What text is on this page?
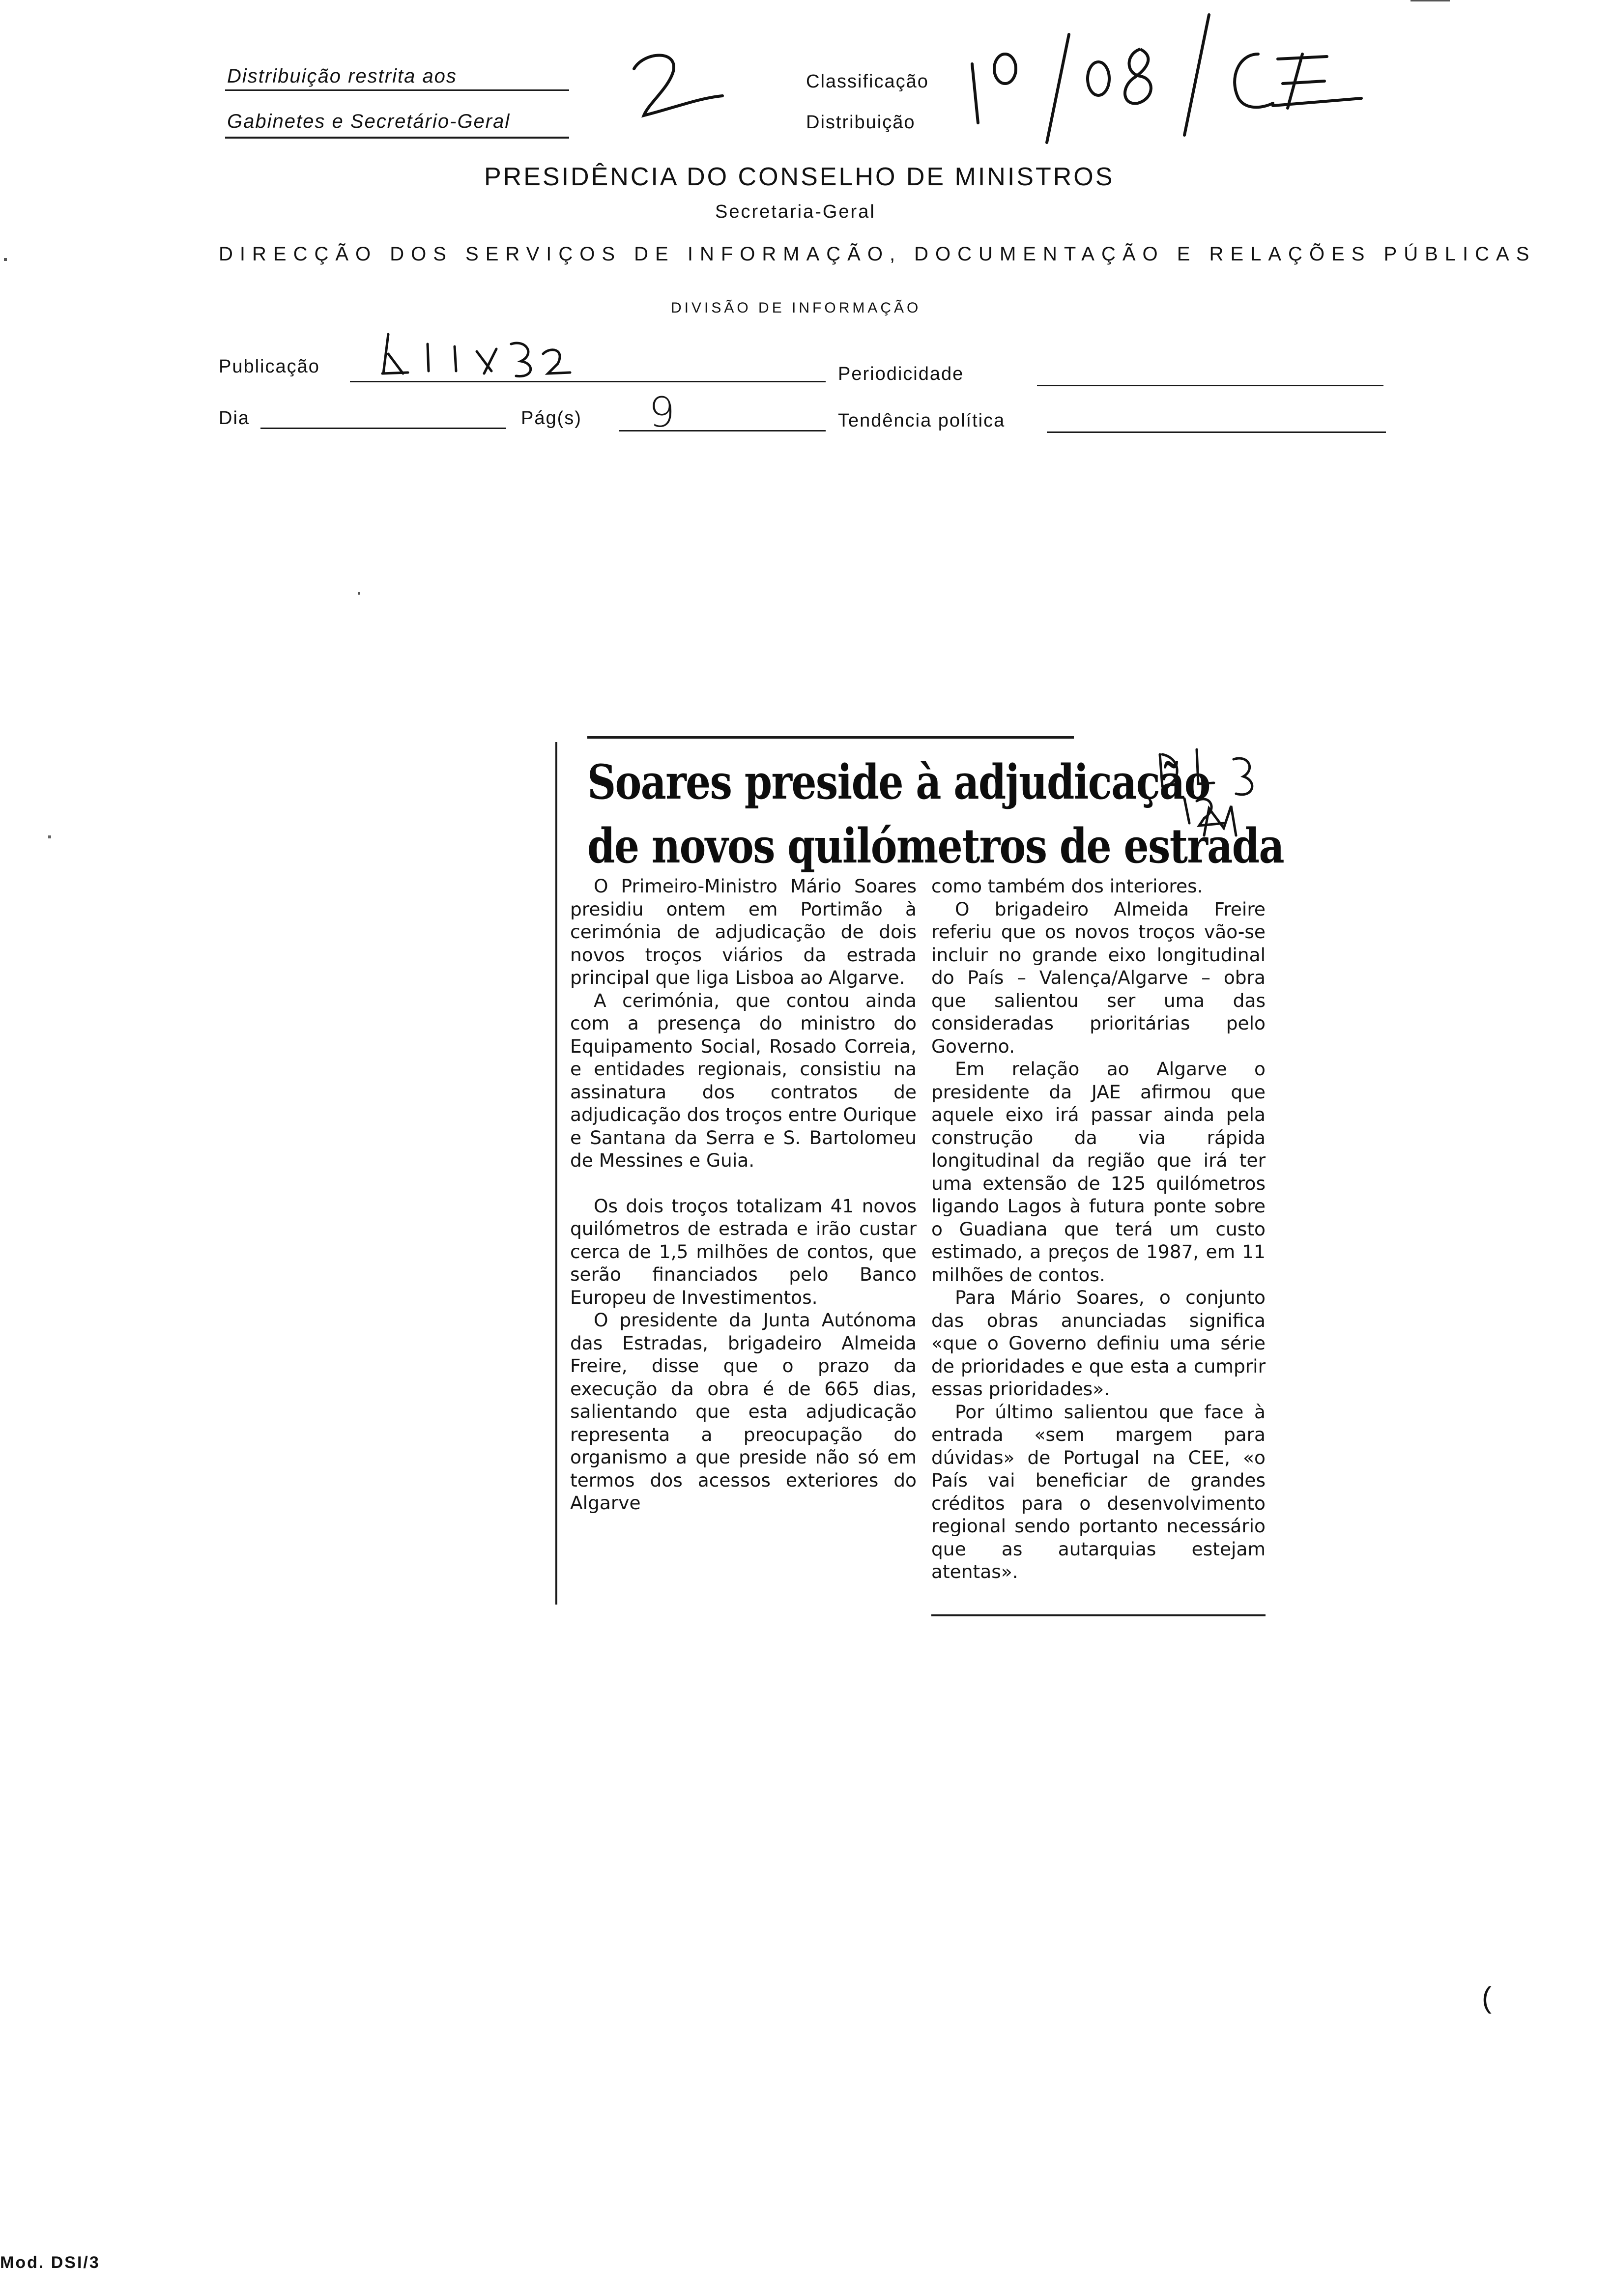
Distribuição restrita aos
Gabinetes e Secretário-Geral
Classificação
Distribuição
PRESIDÊNCIA DO CONSELHO DE MINISTROS
Secretaria-Geral
DIRECÇÃO DOS SERVIÇOS DE INFORMAÇÃO, DOCUMENTAÇÃO E RELAÇÕES PÚBLICAS
DIVISÃO DE INFORMAÇÃO
Publicação	Periodicidade
Dia	Pág(s) 9	Tendência política
Soares preside à adjudicação
de novos quilómetros de estrada

O Primeiro-Ministro Mário Soares presidiu ontem em Portimão à cerimónia de adjudicação de dois novos troços viários da estrada principal que liga Lisboa ao Algarve.

A cerimónia, que contou ainda com a presença do ministro do Equipamento Social, Rosado Correia, e entidades regionais, consistiu na assinatura dos contratos de adjudicação dos troços entre Ourique e Santana da Serra e S. Bartolomeu de Messines e Guia.

Os dois troços totalizam 41 novos quilómetros de estrada e irão custar cerca de 1,5 milhões de contos, que serão financiados pelo Banco Europeu de Investimentos.

O presidente da Junta Autónoma das Estradas, brigadeiro Almeida Freire, disse que o prazo da execução da obra é de 665 dias, salientando que esta adjudicação representa a preocupação do organismo a que preside não só em termos dos acessos exteriores do Algarve

como também dos interiores.

O brigadeiro Almeida Freire referiu que os novos troços vão-se incluir no grande eixo longitudinal do País – Valença/Algarve – obra que salientou ser uma das consideradas prioritárias pelo Governo.

Em relação ao Algarve o presidente da JAE afirmou que aquele eixo irá passar ainda pela construção da via rápida longitudinal da região que irá ter uma extensão de 125 quilómetros ligando Lagos à futura ponte sobre o Guadiana que terá um custo estimado, a preços de 1987, em 11 milhões de contos.

Para Mário Soares, o conjunto das obras anunciadas significa «que o Governo definiu uma série de prioridades e que esta a cumprir essas prioridades».

Por último salientou que face à entrada «sem margem para dúvidas» de Portugal na CEE, «o País vai beneficiar de grandes créditos para o desenvolvimento regional sendo portanto necessário que as autarquias estejam atentas».

(
Mod. DSI/3
